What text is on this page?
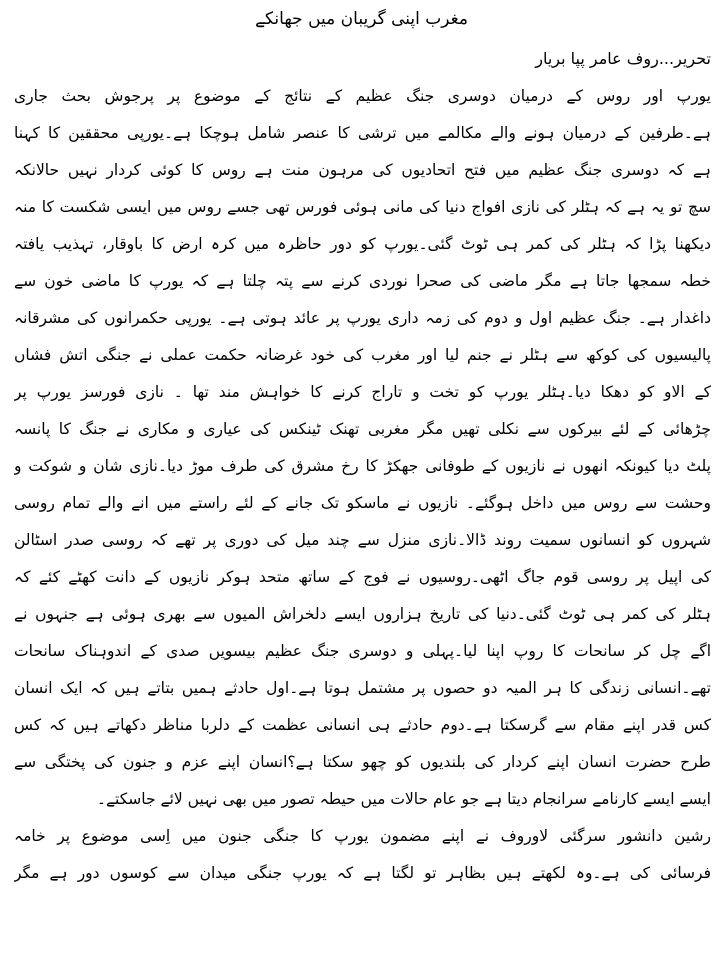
مغرب اپنی گریبان میں جھانکے
تحریر...روف عامر پپا بریار
یورپ اور روس کے درمیان دوسری جنگ عظیم کے نتائج کے موضوع پر پرجوش بحث جاری
ہے۔طرفین کے درمیان ہونے والے مکالمے میں ترشی کا عنصر شامل ہوچکا ہے۔یورپی محققین کا کہنا
ہے کہ دوسری جنگ عظیم میں فتح اتحادیوں کی مرہون منت ہے روس کا کوئی کردار نہیں حالانکہ
سچ تو یہ ہے کہ ہٹلر کی نازی افواج دنیا کی مانی ہوئی فورس تھی جسے روس میں ایسی شکست کا منہ
دیکھنا پڑا کہ ہٹلر کی کمر ہی ٹوٹ گئی۔یورپ کو دور حاظرہ میں کرہ ارض کا باوقار، تہذیب یافتہ
خطہ سمجھا جاتا ہے مگر ماضی کی صحرا نوردی کرنے سے پتہ چلتا ہے کہ یورپ کا ماضی خون سے
داغدار ہے۔ جنگ عظیم اول و دوم کی زمہ داری یورپ پر عائد ہوتی ہے۔ یورپی حکمرانوں کی مشرقانہ
پالیسیوں کی کوکھ سے ہٹلر نے جنم لیا اور مغرب کی خود غرضانہ حکمت عملی نے جنگی اتش فشاں
کے الاو کو دھکا دیا۔ہٹلر یورپ کو تخت و تاراج کرنے کا خواہش مند تھا ۔ نازی فورسز یورپ پر
چڑھائی کے لئے بیرکوں سے نکلی تھیں مگر مغربی تھنک ٹینکس کی عیاری و مکاری نے جنگ کا پانسہ
پلٹ دیا کیونکہ انھوں نے نازیوں کے طوفانی جھکڑ کا رخ مشرق کی طرف موڑ دیا۔نازی شان و شوکت و
وحشت سے روس میں داخل ہوگئے۔ نازیوں نے ماسکو تک جانے کے لئے راستے میں انے والے تمام روسی
شہروں کو انسانوں سمیت روند ڈالا۔نازی منزل سے چند میل کی دوری پر تھے کہ روسی صدر اسٹالن
کی اپیل پر روسی قوم جاگ اٹھی۔روسیوں نے فوج کے ساتھ متحد ہوکر نازیوں کے دانت کھٹے کئے کہ
ہٹلر کی کمر ہی ٹوٹ گئی۔دنیا کی تاریخ ہزاروں ایسے دلخراش المیوں سے بھری ہوئی ہے جنہوں نے
اگے چل کر سانحات کا روپ اپنا لیا۔پہلی و دوسری جنگ عظیم بیسویں صدی کے اندوہناک سانحات
تھے۔انسانی زندگی کا ہر المیہ دو حصوں پر مشتمل ہوتا ہے۔اول حادثے ہمیں بتاتے ہیں کہ ایک انسان
کس قدر اپنے مقام سے گرسکتا ہے۔دوم حادثے ہی انسانی عظمت کے دلربا مناظر دکھاتے ہیں کہ کس
طرح حضرت انسان اپنے کردار کی بلندیوں کو چھو سکتا ہے؟انسان اپنے عزم و جنون کی پختگی سے
ایسے ایسے کارنامے سرانجام دیتا ہے جو عام حالات میں حیطہ تصور میں بھی نہیں لائے جاسکتے۔
رشین دانشور سرگئی لاوروف نے اپنے مضمون یورپ کا جنگی جنون میں اِسی موضوع پر خامہ
فرسائی کی ہے۔وہ لکھتے ہیں بظاہر تو لگتا ہے کہ یورپ جنگی میدان سے کوسوں دور ہے مگر
